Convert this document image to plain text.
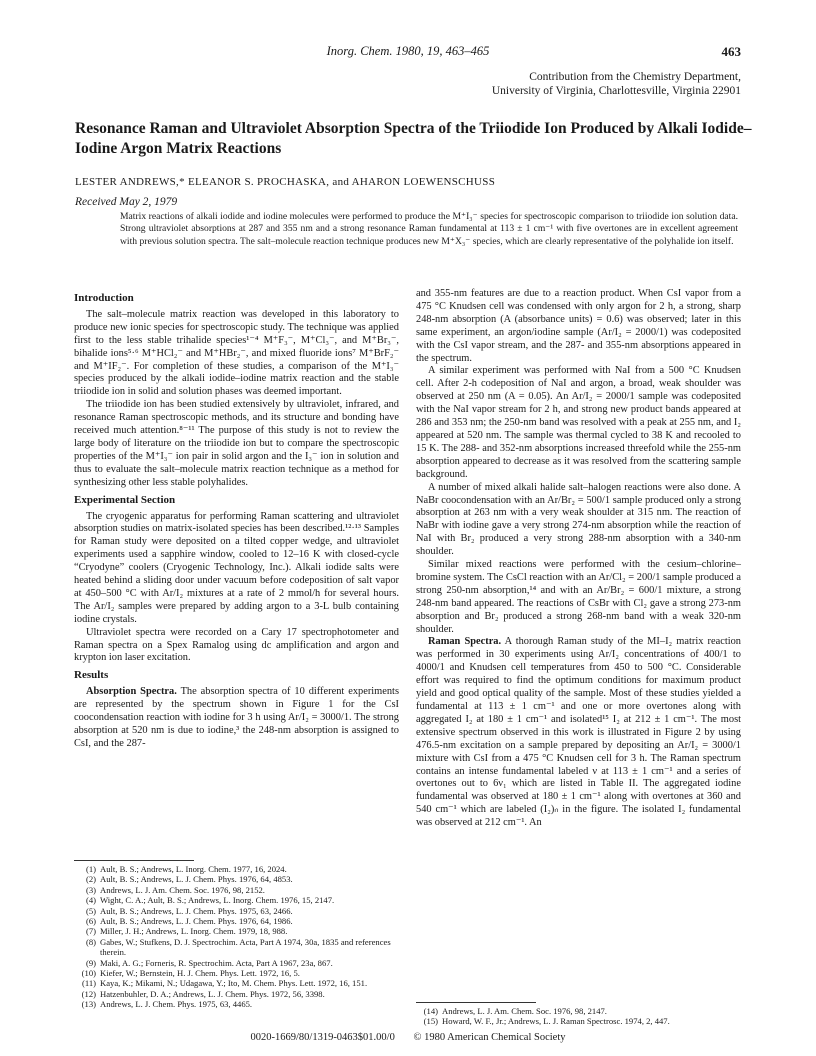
Inorg. Chem. 1980, 19, 463–465	463
Contribution from the Chemistry Department,
University of Virginia, Charlottesville, Virginia 22901
Resonance Raman and Ultraviolet Absorption Spectra of the Triiodide Ion Produced by Alkali Iodide–Iodine Argon Matrix Reactions
LESTER ANDREWS,* ELEANOR S. PROCHASKA, and AHARON LOEWENSCHUSS
Received May 2, 1979
Matrix reactions of alkali iodide and iodine molecules were performed to produce the M⁺I₃⁻ species for spectroscopic comparison to triiodide ion solution data. Strong ultraviolet absorptions at 287 and 355 nm and a strong resonance Raman fundamental at 113 ± 1 cm⁻¹ with five overtones are in excellent agreement with previous solution spectra. The salt–molecule reaction technique produces new M⁺X₃⁻ species, which are clearly representative of the polyhalide ion itself.
Introduction

The salt–molecule matrix reaction was developed in this laboratory to produce new ionic species for spectroscopic study. The technique was applied first to the less stable trihalide species¹⁻⁴ M⁺F₃⁻, M⁺Cl₃⁻, and M⁺Br₃⁻, bihalide ions⁵·⁶ M⁺HCl₂⁻ and M⁺HBr₂⁻, and mixed fluoride ions⁷ M⁺BrF₂⁻ and M⁺IF₂⁻. For completion of these studies, a comparison of the M⁺I₃⁻ species produced by the alkali iodide–iodine matrix reaction and the stable triiodide ion in solid and solution phases was deemed important.

The triiodide ion has been studied extensively by ultraviolet, infrared, and resonance Raman spectroscopic methods, and its structure and bonding have received much attention.⁸⁻¹¹ The purpose of this study is not to review the large body of literature on the triiodide ion but to compare the spectroscopic properties of the M⁺I₃⁻ ion pair in solid argon and the I₃⁻ ion in solution and thus to evaluate the salt–molecule matrix reaction technique as a method for synthesizing other less stable polyhalides.

Experimental Section

The cryogenic apparatus for performing Raman scattering and ultraviolet absorption studies on matrix-isolated species has been described.¹²·¹³ Samples for Raman study were deposited on a tilted copper wedge, and ultraviolet experiments used a sapphire window, cooled to 12–16 K with closed-cycle “Cryodyne” coolers (Cryogenic Technology, Inc.). Alkali iodide salts were heated behind a sliding door under vacuum before codeposition of salt vapor at 450–500 °C with Ar/I₂ mixtures at a rate of 2 mmol/h for several hours. The Ar/I₂ samples were prepared by adding argon to a 3-L bulb containing iodine crystals.

Ultraviolet spectra were recorded on a Cary 17 spectrophotometer and Raman spectra on a Spex Ramalog using dc amplification and argon and krypton ion laser excitation.

Results

Absorption Spectra. The absorption spectra of 10 different experiments are represented by the spectrum shown in Figure 1 for the CsI coocondensation reaction with iodine for 3 h using Ar/I₂ = 3000/1. The strong absorption at 520 nm is due to iodine,³ the 248-nm absorption is assigned to CsI, and the 287-

and 355-nm features are due to a reaction product. When CsI vapor from a 475 °C Knudsen cell was condensed with only argon for 2 h, a strong, sharp 248-nm absorption (A (absorbance units) = 0.6) was observed; later in this same experiment, an argon/iodine sample (Ar/I₂ = 2000/1) was codeposited with the CsI vapor stream, and the 287- and 355-nm absorptions appeared in the spectrum.

A similar experiment was performed with NaI from a 500 °C Knudsen cell. After 2-h codeposition of NaI and argon, a broad, weak shoulder was observed at 250 nm (A = 0.05). An Ar/I₂ = 2000/1 sample was codeposited with the NaI vapor stream for 2 h, and strong new product bands appeared at 286 and 353 nm; the 250-nm band was resolved with a peak at 255 nm, and I₂ appeared at 520 nm. The sample was thermal cycled to 38 K and recooled to 15 K. The 288- and 352-nm absorptions increased threefold while the 255-nm absorption appeared to decrease as it was resolved from the scattering sample background.

A number of mixed alkali halide salt–halogen reactions were also done. A NaBr coocondensation with an Ar/Br₂ = 500/1 sample produced only a strong absorption at 263 nm with a very weak shoulder at 315 nm. The reaction of NaBr with iodine gave a very strong 274-nm absorption while the reaction of NaI with Br₂ produced a very strong 288-nm absorption with a 340-nm shoulder.

Similar mixed reactions were performed with the cesium–chlorine–bromine system. The CsCl reaction with an Ar/Cl₂ = 200/1 sample produced a strong 250-nm absorption,¹⁴ and with an Ar/Br₂ = 600/1 mixture, a strong 248-nm band appeared. The reactions of CsBr with Cl₂ gave a strong 273-nm absorption and Br₂ produced a strong 268-nm band with a weak 320-nm shoulder.

Raman Spectra. A thorough Raman study of the MI–I₂ matrix reaction was performed in 30 experiments using Ar/I₂ concentrations of 400/1 to 4000/1 and Knudsen cell temperatures from 450 to 500 °C. Considerable effort was required to find the optimum conditions for maximum product yield and good optical quality of the sample. Most of these studies yielded a fundamental at 113 ± 1 cm⁻¹ and one or more overtones along with aggregated I₂ at 180 ± 1 cm⁻¹ and isolated¹⁵ I₂ at 212 ± 1 cm⁻¹. The most extensive spectrum observed in this work is illustrated in Figure 2 by using 476.5-nm excitation on a sample prepared by depositing an Ar/I₂ = 3000/1 mixture with CsI from a 475 °C Knudsen cell for 3 h. The Raman spectrum contains an intense fundamental labeled ν at 113 ± 1 cm⁻¹ and a series of overtones out to 6ν₁ which are listed in Table II. The aggregated iodine fundamental was observed at 180 ± 1 cm⁻¹ along with overtones at 360 and 540 cm⁻¹ which are labeled (I₂)ₙ in the figure. The isolated I₂ fundamental was observed at 212 cm⁻¹. An

(1) Ault, B. S.; Andrews, L. Inorg. Chem. 1977, 16, 2024.
(2) Ault, B. S.; Andrews, L. J. Chem. Phys. 1976, 64, 4853.
(3) Andrews, L. J. Am. Chem. Soc. 1976, 98, 2152.
(4) Wight, C. A.; Ault, B. S.; Andrews, L. Inorg. Chem. 1976, 15, 2147.
(5) Ault, B. S.; Andrews, L. J. Chem. Phys. 1975, 63, 2466.
(6) Ault, B. S.; Andrews, L. J. Chem. Phys. 1976, 64, 1986.
(7) Miller, J. H.; Andrews, L. Inorg. Chem. 1979, 18, 988.
(8) Gabes, W.; Stufkens, D. J. Spectrochim. Acta, Part A 1974, 30a, 1835 and references therein.
(9) Maki, A. G.; Forneris, R. Spectrochim. Acta, Part A 1967, 23a, 867.
(10) Kiefer, W.; Bernstein, H. J. Chem. Phys. Lett. 1972, 16, 5.
(11) Kaya, K.; Mikami, N.; Udagawa, Y.; Ito, M. Chem. Phys. Lett. 1972, 16, 151.
(12) Hatzenbuhler, D. A.; Andrews, L. J. Chem. Phys. 1972, 56, 3398.
(13) Andrews, L. J. Chem. Phys. 1975, 63, 4465.
(14) Andrews, L. J. Am. Chem. Soc. 1976, 98, 2147.
(15) Howard, W. F., Jr.; Andrews, L. J. Raman Spectrosc. 1974, 2, 447.
0020-1669/80/1319-0463$01.00/0 © 1980 American Chemical Society
